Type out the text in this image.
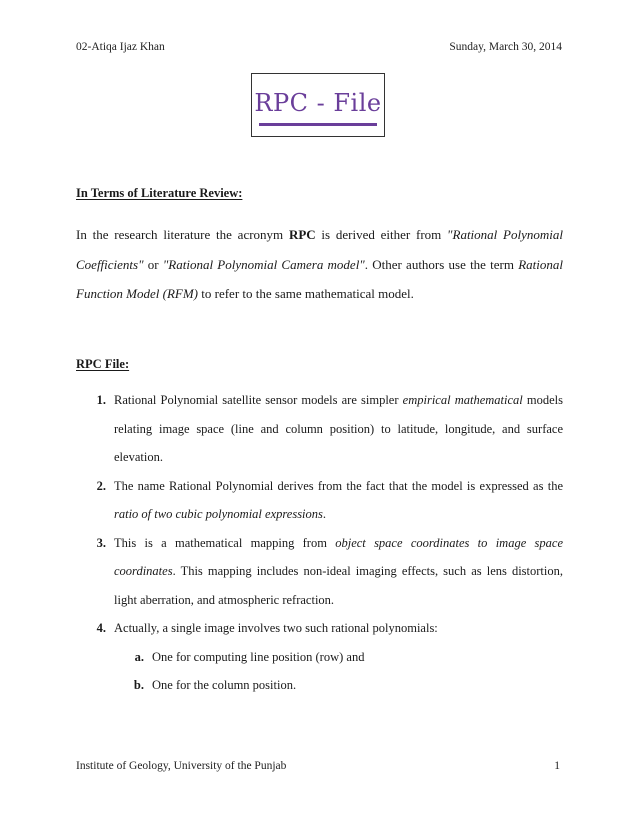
02-Atiqa Ijaz Khan	Sunday, March 30, 2014
RPC - File
In Terms of Literature Review:
In the research literature the acronym RPC is derived either from "Rational Polynomial Coefficients" or "Rational Polynomial Camera model". Other authors use the term Rational Function Model (RFM) to refer to the same mathematical model.
RPC File:
1. Rational Polynomial satellite sensor models are simpler empirical mathematical models relating image space (line and column position) to latitude, longitude, and surface elevation.
2. The name Rational Polynomial derives from the fact that the model is expressed as the ratio of two cubic polynomial expressions.
3. This is a mathematical mapping from object space coordinates to image space coordinates. This mapping includes non-ideal imaging effects, such as lens distortion, light aberration, and atmospheric refraction.
4. Actually, a single image involves two such rational polynomials:
a. One for computing line position (row) and
b. One for the column position.
Institute of Geology, University of the Punjab	1
